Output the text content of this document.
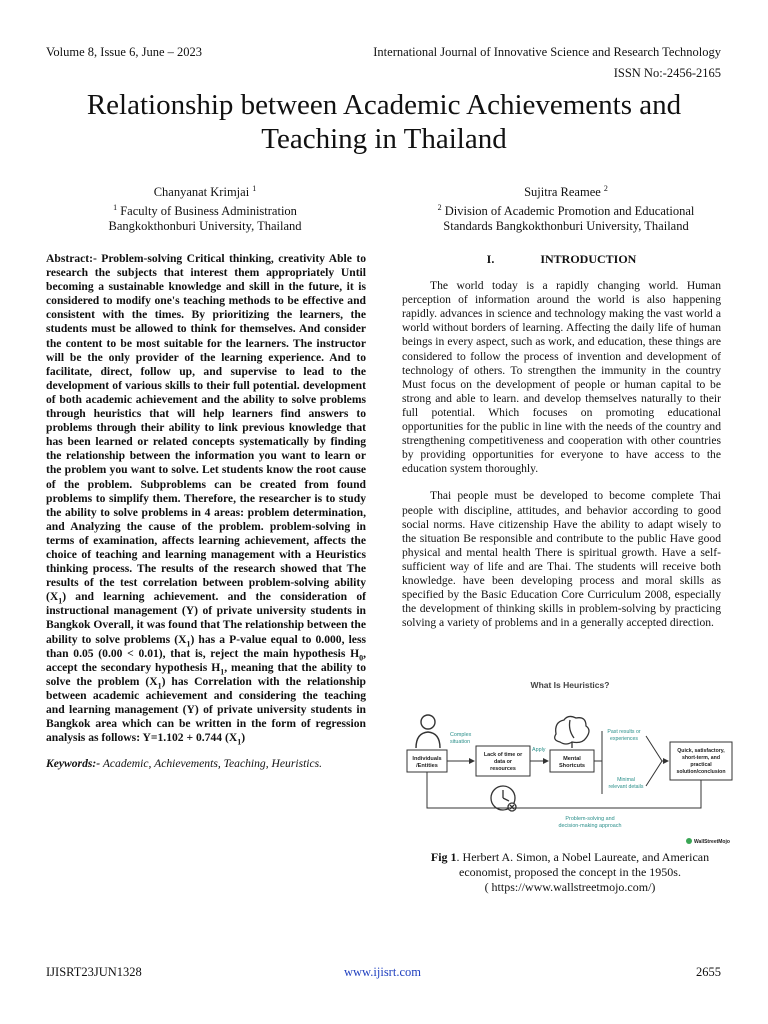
Volume 8, Issue 6, June – 2023	International Journal of Innovative Science and Research Technology
ISSN No:-2456-2165
Relationship between Academic Achievements and
Teaching in Thailand
Chanyanat Krimjai $^1$
$^1$ Faculty of Business Administration
Bangkokthonburi University, Thailand
Sujitra Reamee $^2$
$^2$ Division of Academic Promotion and Educational
Standards Bangkokthonburi University, Thailand

Abstract:- Problem-solving Critical thinking, creativity Able to research the subjects that interest them appropriately Until becoming a sustainable knowledge and skill in the future, it is considered to modify one's teaching methods to be effective and consistent with the times. By prioritizing the learners, the students must be allowed to think for themselves. And consider the content to be most suitable for the learners. The instructor will be the only provider of the learning experience. And to facilitate, direct, follow up, and supervise to lead to the development of various skills to their full potential. development of both academic achievement and the ability to solve problems through heuristics that will help learners find answers to problems through their ability to link previous knowledge that has been learned or related concepts systematically by finding the relationship between the information you want to learn or the problem you want to solve. Let students know the root cause of the problem. Subproblems can be created from found problems to simplify them. Therefore, the researcher is to study the ability to solve problems in 4 areas: problem determination, and Analyzing the cause of the problem. problem-solving in terms of examination, affects learning achievement, affects the choice of teaching and learning management with a Heuristics thinking process. The results of the research showed that The results of the test correlation between problem-solving ability $(X_1)$ and learning achievement. and the consideration of instructional management (Y) of private university students in Bangkok Overall, it was found that The relationship between the ability to solve problems $(X_1)$ has a P-value equal to 0.000, less than 0.05 (0.00 < 0.01), that is, reject the main hypothesis $H_0$, accept the secondary hypothesis $H_1$, meaning that the ability to solve the problem $(X_1)$ has Correlation with the relationship between academic achievement and considering the teaching and learning management (Y) of private university students in Bangkok area which can be written in the form of regression analysis as follows: Y=1.102 + 0.744 $(X_1)$

Keywords:- Academic, Achievements, Teaching, Heuristics.

I.	INTRODUCTION

The world today is a rapidly changing world. Human perception of information around the world is also happening rapidly. advances in science and technology making the vast world a world without borders of learning. Affecting the daily life of human beings in every aspect, such as work, and education, these things are considered to follow the process of invention and development of technology of others. To strengthen the immunity in the country Must focus on the development of people or human capital to be strong and able to learn. and develop themselves naturally to their full potential. Which focuses on promoting educational opportunities for the public in line with the needs of the country and strengthening competitiveness and cooperation with other countries by providing opportunities for everyone to have access to the education system thoroughly.

Thai people must be developed to become complete Thai people with discipline, attitudes, and behavior according to good social norms. Have citizenship Have the ability to adapt wisely to the situation Be responsible and contribute to the public Have good physical and mental health There is spiritual growth. Have a self-sufficient way of life and are Thai. The students will receive both knowledge. have been developing process and moral skills as specified by the Basic Education Core Curriculum 2008, especially the development of thinking skills in problem-solving by practicing solving a variety of problems and in a generally accepted direction.

What Is Heuristics?
Individuals
/Entities
Complex
situation
Lack of time or
data or
resources
Apply
Mental
Shortcuts
Past results or
experiences
Minimal
relevant details
Quick, satisfactory,
short-term, and
practical
solution/conclusion
Problem-solving and
decision-making approach
WallStreetMojo
Fig 1. Herbert A. Simon, a Nobel Laureate, and American
economist, proposed the concept in the 1950s.
( https://www.wallstreetmojo.com/)
IJISRT23JUN1328	www.ijisrt.com	2655
